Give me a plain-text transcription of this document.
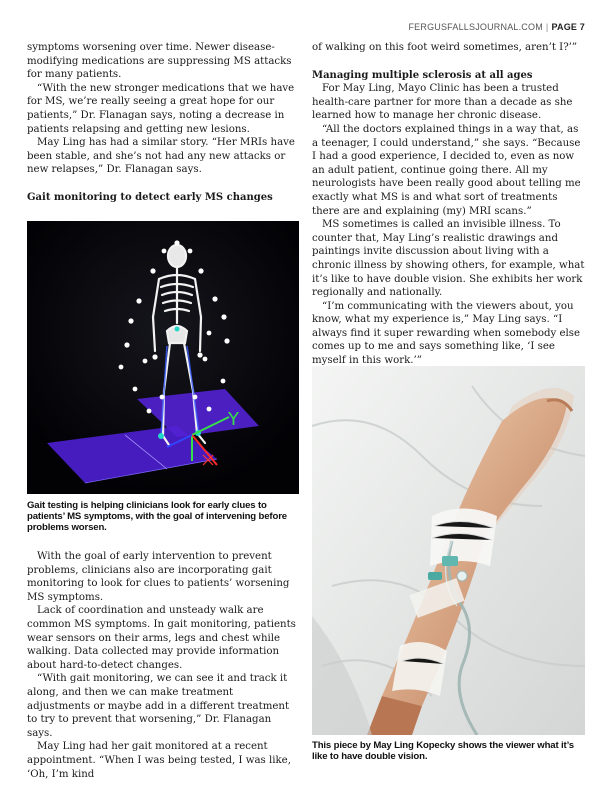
FERGUSFALLSJOURNAL.COM | PAGE 7

symptoms worsening over time. Newer disease-modifying medications are suppressing MS attacks for many patients.

“With the new stronger medications that we have for MS, we’re really seeing a great hope for our patients,” Dr. Flanagan says, noting a decrease in patients relapsing and getting new lesions.

May Ling has had a similar story. “Her MRIs have been stable, and she’s not had any new attacks or new relapses,” Dr. Flanagan says.

Gait monitoring to detect early MS changes
Y
Gait testing is helping clinicians look for early clues to patients’ MS symptoms, with the goal of intervening before problems worsen.

With the goal of early intervention to prevent problems, clinicians also are incorporating gait monitoring to look for clues to patients’ worsening MS symptoms.

Lack of coordination and unsteady walk are common MS symptoms. In gait monitoring, patients wear sensors on their arms, legs and chest while walking. Data collected may provide information about hard-to-detect changes.

“With gait monitoring, we can see it and track it along, and then we can make treatment adjustments or maybe add in a different treatment to try to prevent that worsening,” Dr. Flanagan says.

May Ling had her gait monitored at a recent appointment. “When I was being tested, I was like, ‘Oh, I’m kind

of walking on this foot weird sometimes, aren’t I?’”

Managing multiple sclerosis at all ages

For May Ling, Mayo Clinic has been a trusted health-care partner for more than a decade as she learned how to manage her chronic disease.

“All the doctors explained things in a way that, as a teenager, I could understand,” she says. “Because I had a good experience, I decided to, even as now an adult patient, continue going there. All my neurologists have been really good about telling me exactly what MS is and what sort of treatments there are and explaining (my) MRI scans.”

MS sometimes is called an invisible illness. To counter that, May Ling’s realistic drawings and paintings invite discussion about living with a chronic illness by showing others, for example, what it’s like to have double vision. She exhibits her work regionally and nationally.

“I’m communicating with the viewers about, you know, what my experience is,” May Ling says. “I always find it super rewarding when somebody else comes up to me and says something like, ‘I see myself in this work.’”

This piece by May Ling Kopecky shows the viewer what it’s like to have double vision.
